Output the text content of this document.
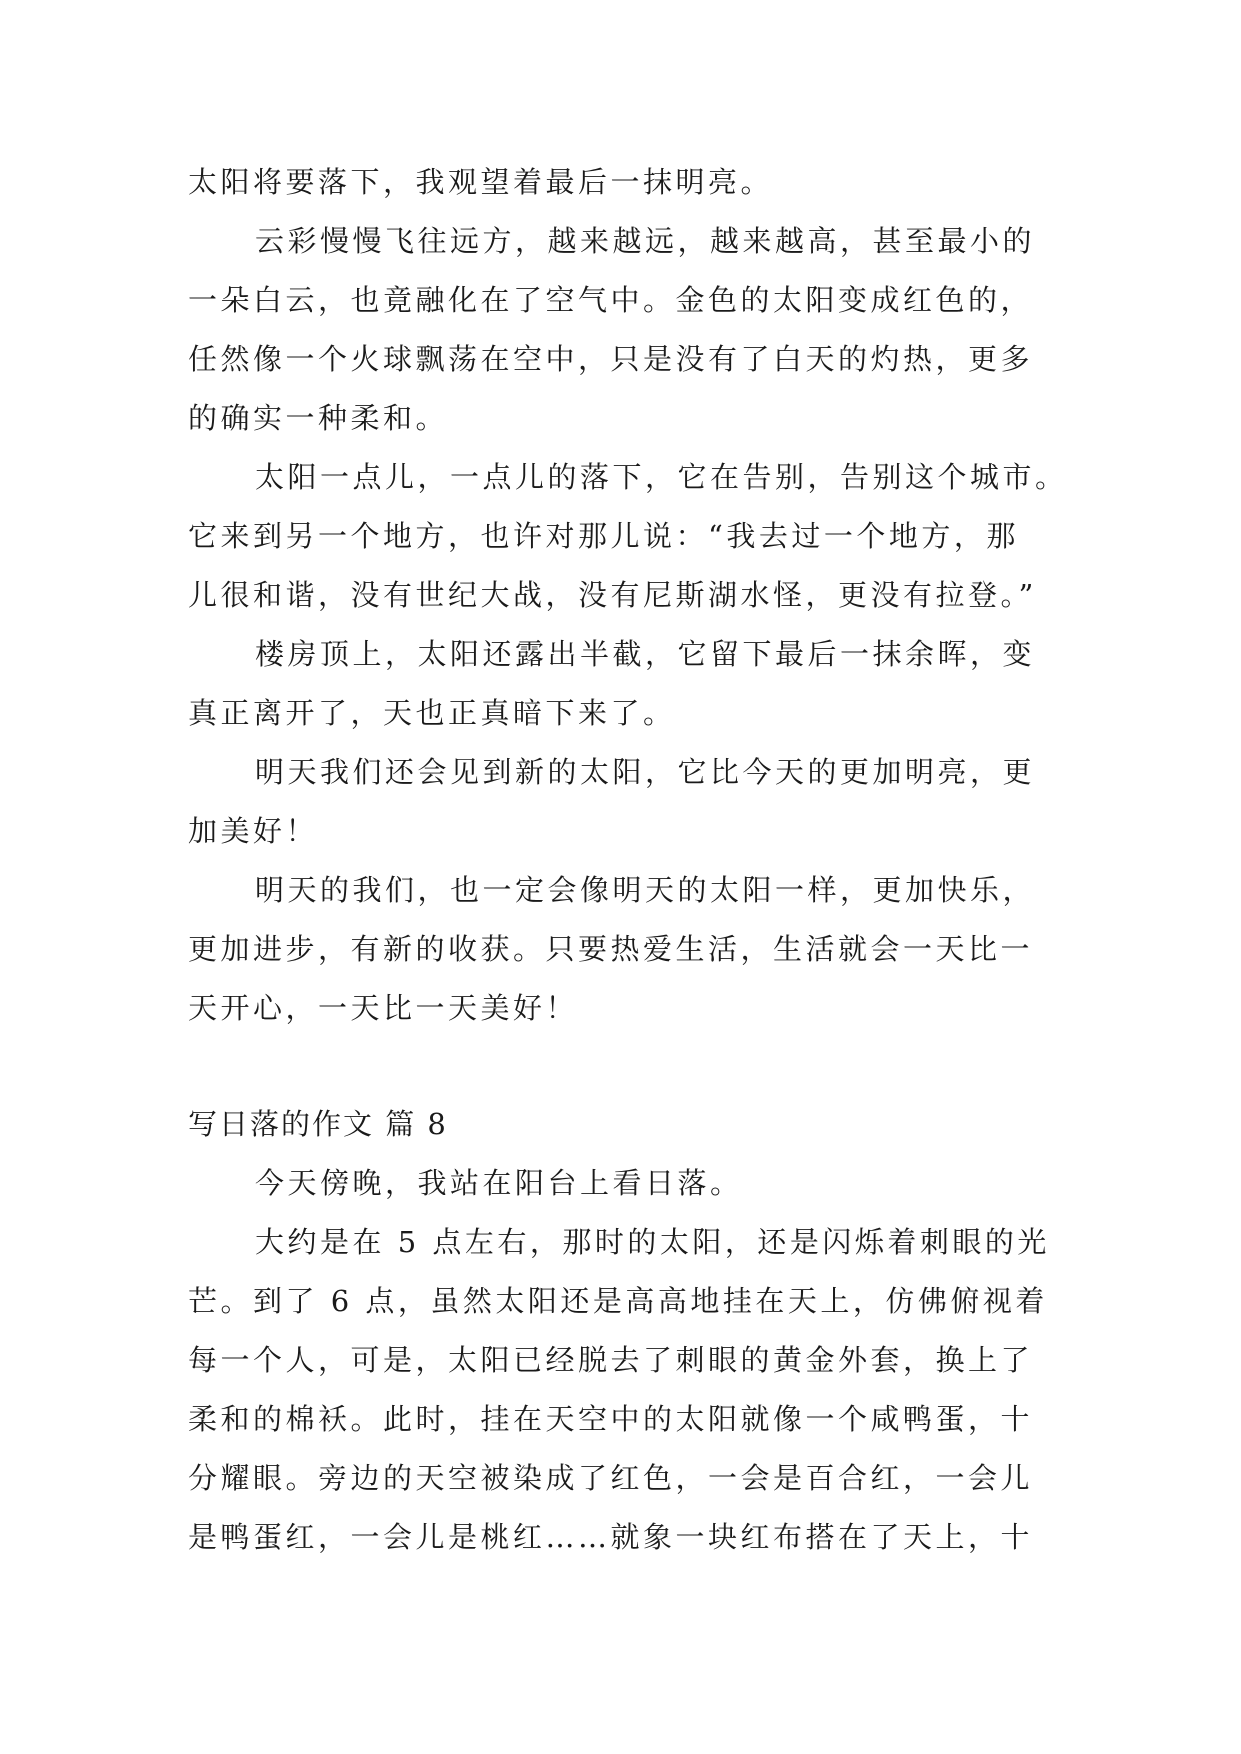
太阳将要落下，我观望着最后一抹明亮。
云彩慢慢飞往远方，越来越远，越来越高，甚至最小的
一朵白云，也竟融化在了空气中。金色的太阳变成红色的，
任然像一个火球飘荡在空中，只是没有了白天的灼热，更多
的确实一种柔和。
太阳一点儿，一点儿的落下，它在告别，告别这个城市。
它来到另一个地方，也许对那儿说：“我去过一个地方，那
儿很和谐，没有世纪大战，没有尼斯湖水怪，更没有拉登。”
楼房顶上，太阳还露出半截，它留下最后一抹余晖，变
真正离开了，天也正真暗下来了。
明天我们还会见到新的太阳，它比今天的更加明亮，更
加美好！
明天的我们，也一定会像明天的太阳一样，更加快乐，
更加进步，有新的收获。只要热爱生活，生活就会一天比一
天开心，一天比一天美好！
写日落的作文 篇 8
今天傍晚，我站在阳台上看日落。
大约是在 5 点左右，那时的太阳，还是闪烁着刺眼的光
芒。到了 6 点，虽然太阳还是高高地挂在天上，仿佛俯视着
每一个人，可是，太阳已经脱去了刺眼的黄金外套，换上了
柔和的棉袄。此时，挂在天空中的太阳就像一个咸鸭蛋，十
分耀眼。旁边的天空被染成了红色，一会是百合红，一会儿
是鸭蛋红，一会儿是桃红……就象一块红布搭在了天上，十
